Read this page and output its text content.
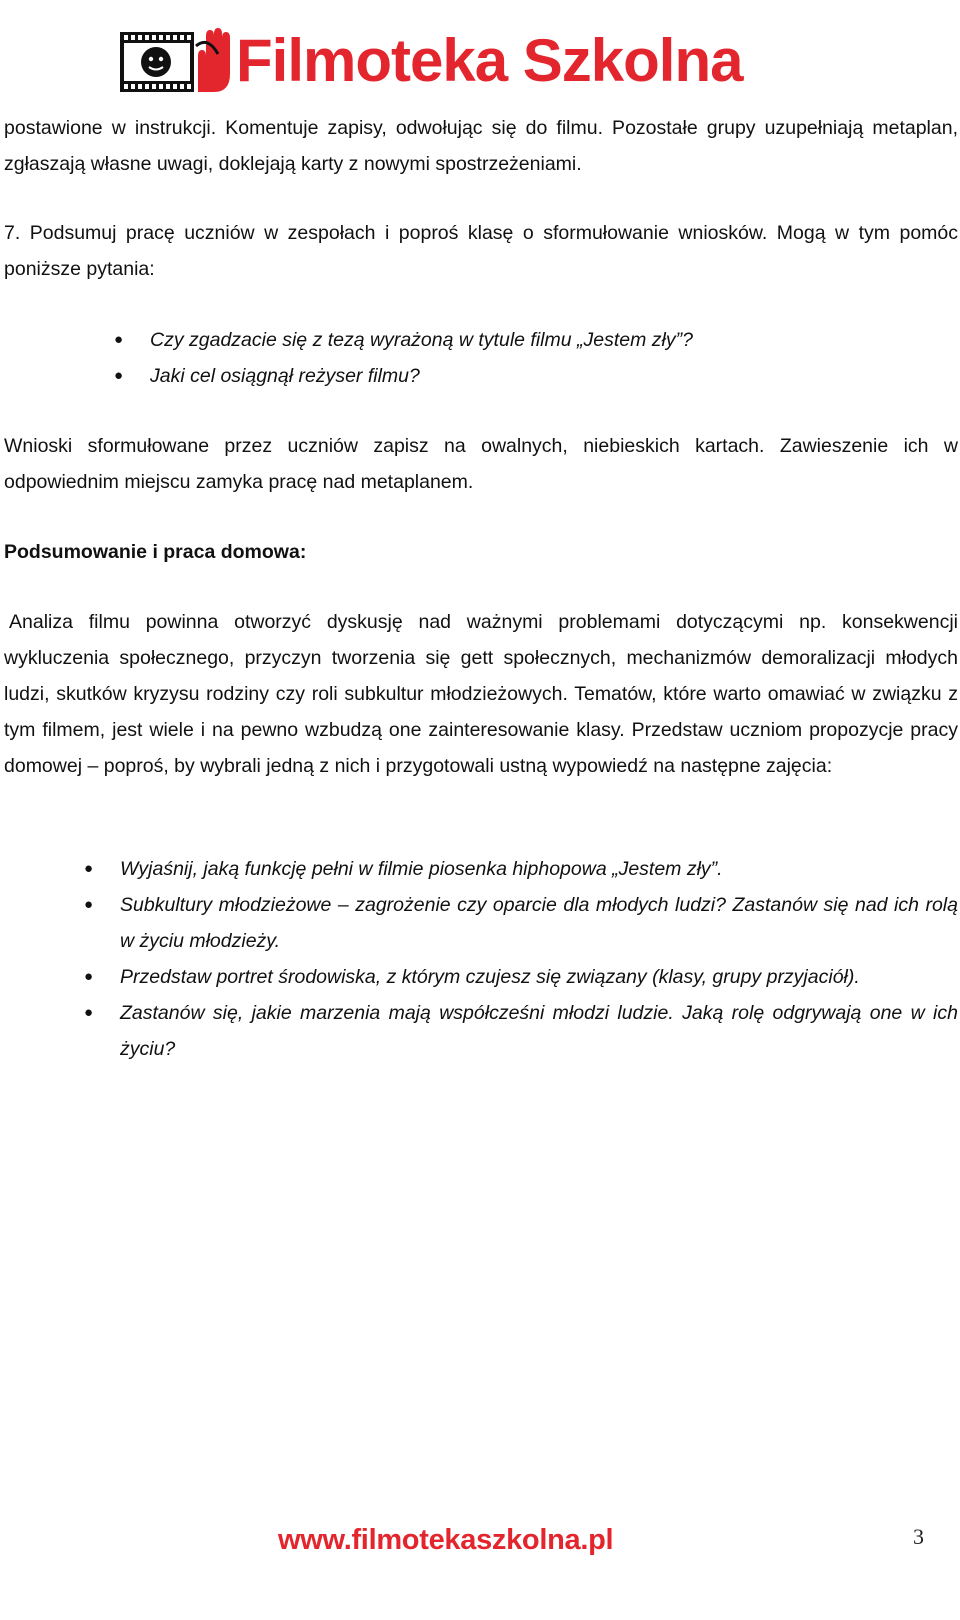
Filmoteka Szkolna

postawione w instrukcji. Komentuje zapisy, odwołując się do filmu. Pozostałe grupy uzupełniają metaplan, zgłaszają własne uwagi, doklejają karty z nowymi spostrzeżeniami.

7. Podsumuj pracę uczniów w zespołach i poproś klasę o sformułowanie wniosków. Mogą w tym pomóc poniższe pytania:

● Czy zgadzacie się z tezą wyrażoną w tytule filmu „Jestem zły”?
● Jaki cel osiągnął reżyser filmu?

Wnioski sformułowane przez uczniów zapisz na owalnych, niebieskich kartach. Zawieszenie ich w odpowiednim miejscu zamyka pracę nad metaplanem.

Podsumowanie i praca domowa:

Analiza filmu powinna otworzyć dyskusję nad ważnymi problemami dotyczącymi np. konsekwencji wykluczenia społecznego, przyczyn tworzenia się gett społecznych, mechanizmów demoralizacji młodych ludzi, skutków kryzysu rodziny czy roli subkultur młodzieżowych. Tematów, które warto omawiać w związku z tym filmem, jest wiele i na pewno wzbudzą one zainteresowanie klasy. Przedstaw uczniom propozycje pracy domowej – poproś, by wybrali jedną z nich i przygotowali ustną wypowiedź na następne zajęcia:

● Wyjaśnij, jaką funkcję pełni w filmie piosenka hiphopowa „Jestem zły”.
● Subkultury młodzieżowe – zagrożenie czy oparcie dla młodych ludzi? Zastanów się nad ich rolą w życiu młodzieży.
● Przedstaw portret środowiska, z którym czujesz się związany (klasy, grupy przyjaciół).
● Zastanów się, jakie marzenia mają współcześni młodzi ludzie. Jaką rolę odgrywają one w ich życiu?
www.filmotekaszkolna.pl	3
